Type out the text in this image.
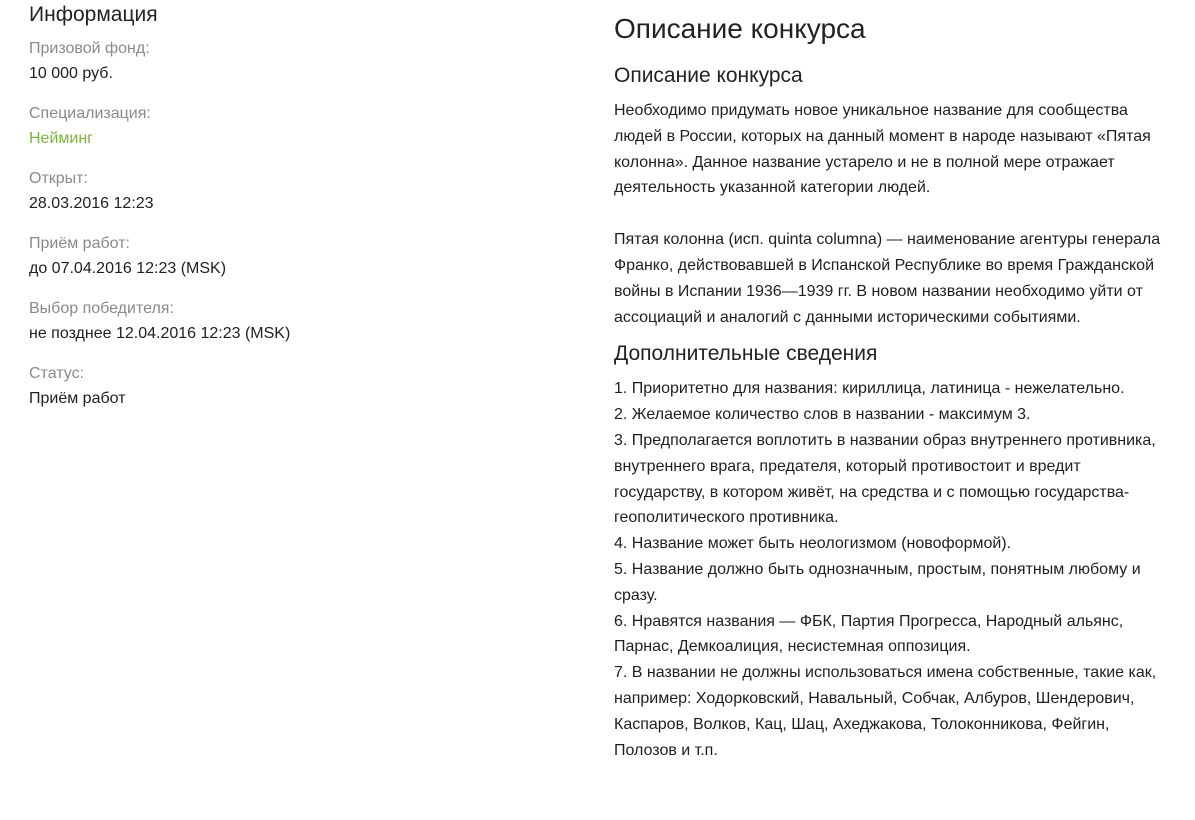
Информация

Призовой фонд:

10 000 руб.

Специализация:

Нейминг

Открыт:

28.03.2016 12:23

Приём работ:

до 07.04.2016 12:23 (MSK)

Выбор победителя:

не позднее 12.04.2016 12:23 (MSK)

Статус:

Приём работ

Описание конкурса
Описание конкурса

Необходимо придумать новое уникальное название для сообщества людей в России, которых на данный момент в народе называют «Пятая колонна». Данное название устарело и не в полной мере отражает деятельность указанной категории людей.

Пятая колонна (исп. quinta columna) — наименование агентуры генерала Франко, действовавшей в Испанской Республике во время Гражданской войны в Испании 1936—1939 гг. В новом названии необходимо уйти от ассоциаций и аналогий с данными историческими событиями.

Дополнительные сведения
1. Приоритетно для названия: кириллица, латиница - нежелательно.
2. Желаемое количество слов в названии - максимум 3.
3. Предполагается воплотить в названии образ внутреннего противника, внутреннего врага, предателя, который противостоит и вредит государству, в котором живёт, на средства и с помощью государства-геополитического противника.
4. Название может быть неологизмом (новоформой).
5. Название должно быть однозначным, простым, понятным любому и сразу.
6. Нравятся названия — ФБК, Партия Прогресса, Народный альянс, Парнас, Демкоалиция, несистемная оппозиция.
7. В названии не должны использоваться имена собственные, такие как, например: Ходорковский, Навальный, Собчак, Албуров, Шендерович, Каспаров, Волков, Кац, Шац, Ахеджакова, Толоконникова, Фейгин, Полозов и т.п.
